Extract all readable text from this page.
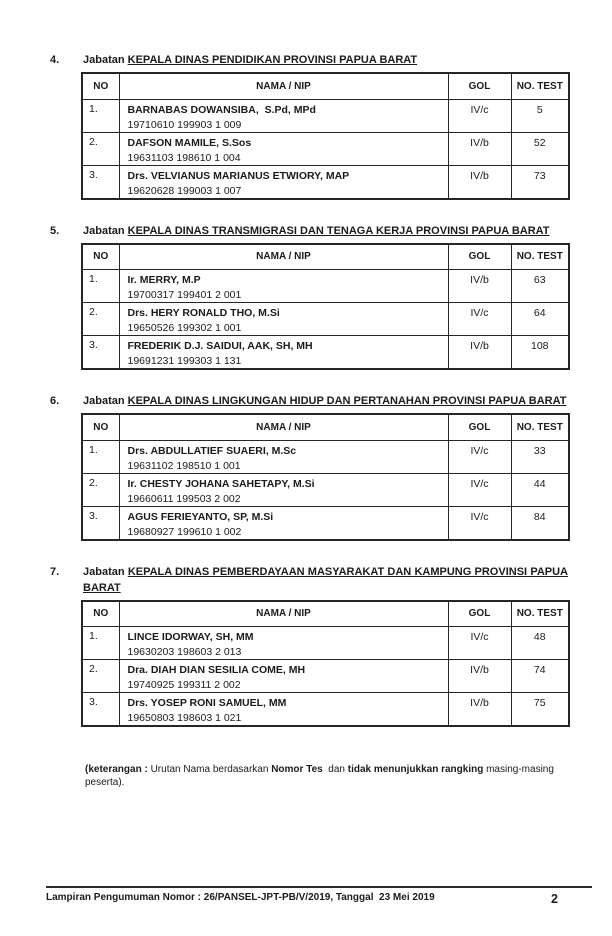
4.	Jabatan KEPALA DINAS PENDIDIKAN PROVINSI PAPUA BARAT
NO	NAMA / NIP	GOL	NO. TEST
1.	BARNABAS DOWANSIBA,  S.Pd, MPd
19710610 199903 1 009	IV/c	5
2.	DAFSON MAMILE, S.Sos
19631103 198610 1 004	IV/b	52
3.	Drs. VELVIANUS MARIANUS ETWIORY, MAP
19620628 199003 1 007	IV/b	73
5.	Jabatan KEPALA DINAS TRANSMIGRASI DAN TENAGA KERJA PROVINSI PAPUA BARAT
NO	NAMA / NIP	GOL	NO. TEST
1.	Ir. MERRY, M.P
19700317 199401 2 001	IV/b	63
2.	Drs. HERY RONALD THO, M.Si
19650526 199302 1 001	IV/c	64
3.	FREDERIK D.J. SAIDUI, AAK, SH, MH
19691231 199303 1 131	IV/b	108
6.	Jabatan KEPALA DINAS LINGKUNGAN HIDUP DAN PERTANAHAN PROVINSI PAPUA BARAT
NO	NAMA / NIP	GOL	NO. TEST
1.	Drs. ABDULLATIEF SUAERI, M.Sc
19631102 198510 1 001	IV/c	33
2.	Ir. CHESTY JOHANA SAHETAPY, M.Si
19660611 199503 2 002	IV/c	44
3.	AGUS FERIEYANTO, SP, M.Si
19680927 199610 1 002	IV/c	84
7.	Jabatan KEPALA DINAS PEMBERDAYAAN MASYARAKAT DAN KAMPUNG PROVINSI PAPUA
BARAT
NO	NAMA / NIP	GOL	NO. TEST
1.	LINCE IDORWAY, SH, MM
19630203 198603 2 013	IV/c	48
2.	Dra. DIAH DIAN SESILIA COME, MH
19740925 199311 2 002	IV/b	74
3.	Drs. YOSEP RONI SAMUEL, MM
19650803 198603 1 021	IV/b	75
(keterangan : Urutan Nama berdasarkan Nomor Tes  dan tidak menunjukkan rangking masing-masing peserta).
Lampiran Pengumuman Nomor : 26/PANSEL-JPT-PB/V/2019, Tanggal  23 Mei 2019	2
